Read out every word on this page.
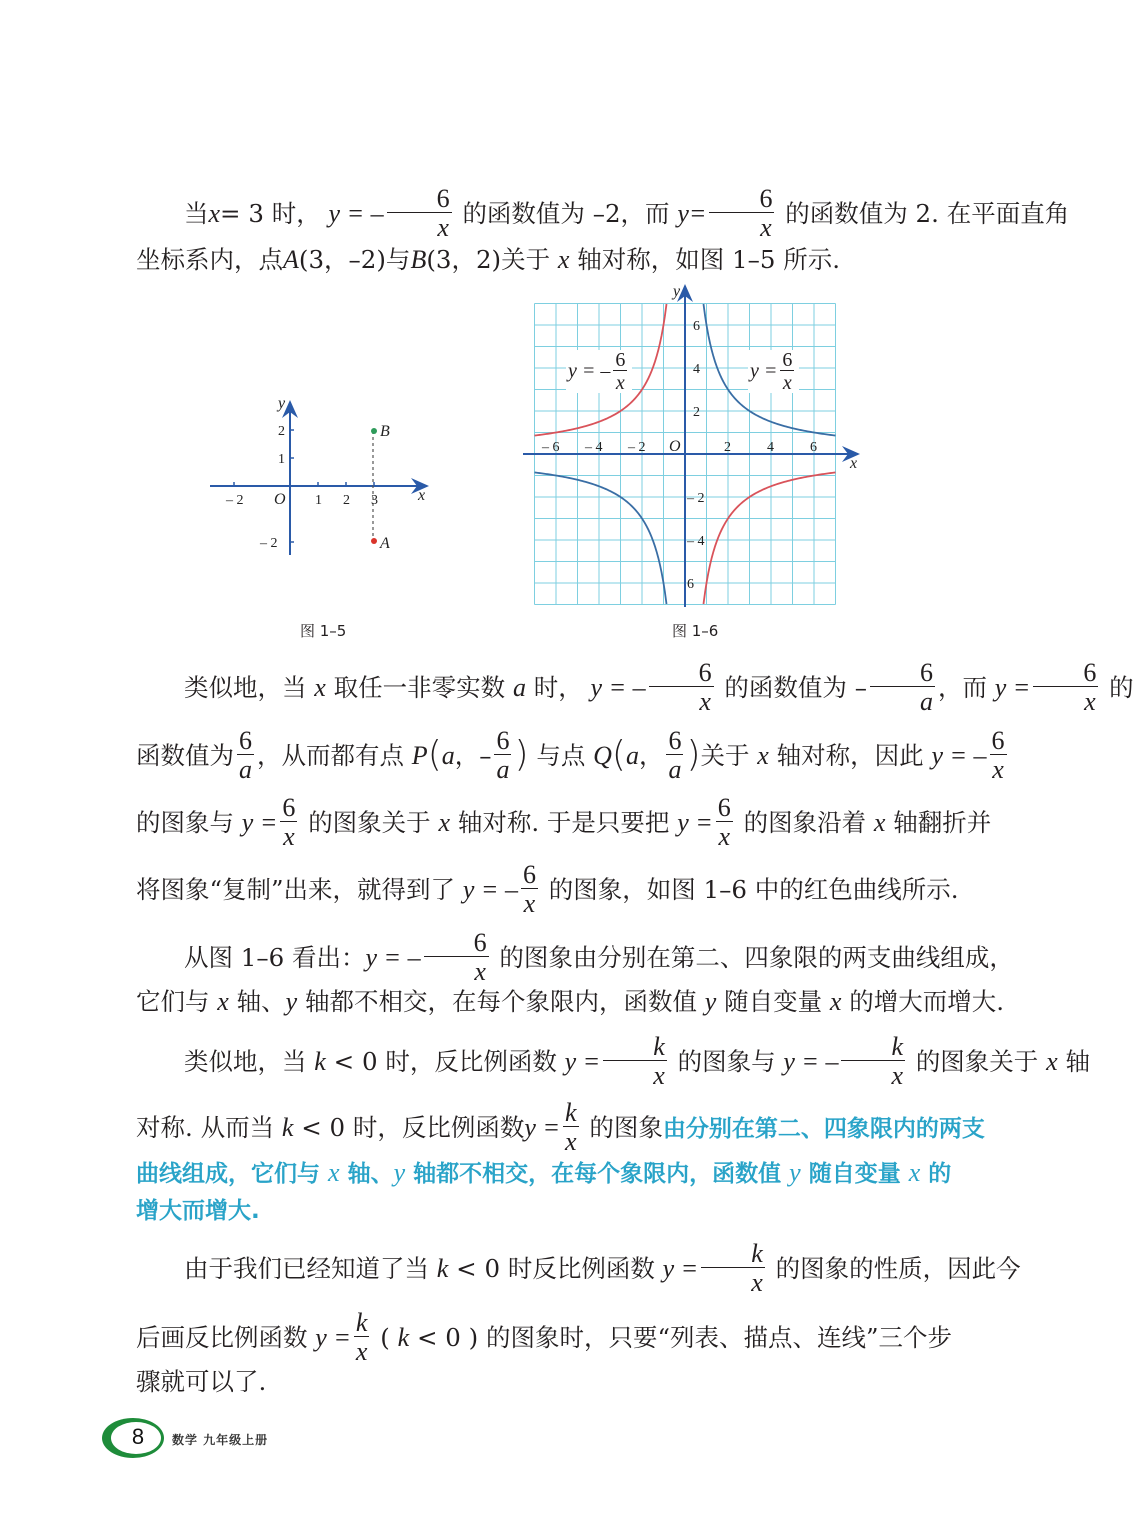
当x= 3 时， y = – $\frac{6}{x}$ 的函数值为 –2，而 $y= \frac{6}{x}$ 的函数值为 2. 在平面直角
坐标系内，点A(3，–2)与B(3，2)关于 x 轴对称，如图 1–5 所示.
– 2	1 2 3
2
1
– 2
O	x
y
B
A
图 1–5
– 6 – 4 – 2	2	4	6
6
4
2
– 2
– 4
6
O
x
y
y = – $\frac{6}{x}$	$y = \frac{6}{x}$
图 1–6
类似地，当 x 取任一非零实数 a 时， y = – $\frac{6}{x}$ 的函数值为 – $\frac{6}{a}$ ，而 $y = \frac{6}{x}$ 的
函数值为 $\frac{6}{a}$ ，从而都有点 P(a，– $\frac{6}{a}$ ) 与点 Q(a， $\frac{6}{a}$ )关于 x 轴对称，因此 y = – $\frac{6}{x}$
的图象与 $y = \frac{6}{x}$ 的图象关于 x 轴对称. 于是只要把 $y = \frac{6}{x}$ 的图象沿着 x 轴翻折并
将图象“复制”出来，就得到了 y = – $\frac{6}{x}$ 的图象，如图 1–6 中的红色曲线所示.
从图 1–6 看出：y = – $\frac{6}{x}$ 的图象由分别在第二、四象限的两支曲线组成，
它们与 x 轴、y 轴都不相交，在每个象限内，函数值 y 随自变量 x 的增大而增大.
类似地，当 k < 0 时，反比例函数 $y = \frac{k}{x}$ 的图象与 y = – $\frac{k}{x}$ 的图象关于 x 轴
对称. 从而当 k < 0 时，反比例函数$y = \frac{k}{x}$ 的图象由分别在第二、四象限内的两支
曲线组成，它们与 x 轴、y 轴都不相交，在每个象限内，函数值 y 随自变量 x 的
增大而增大.
由于我们已经知道了当 k < 0 时反比例函数 $y = \frac{k}{x}$ 的图象的性质，因此今
后画反比例函数 $y = \frac{k}{x}$ ( k < 0 ) 的图象时，只要“列表、描点、连线”三个步
骤就可以了.
8	数学 九年级上册
